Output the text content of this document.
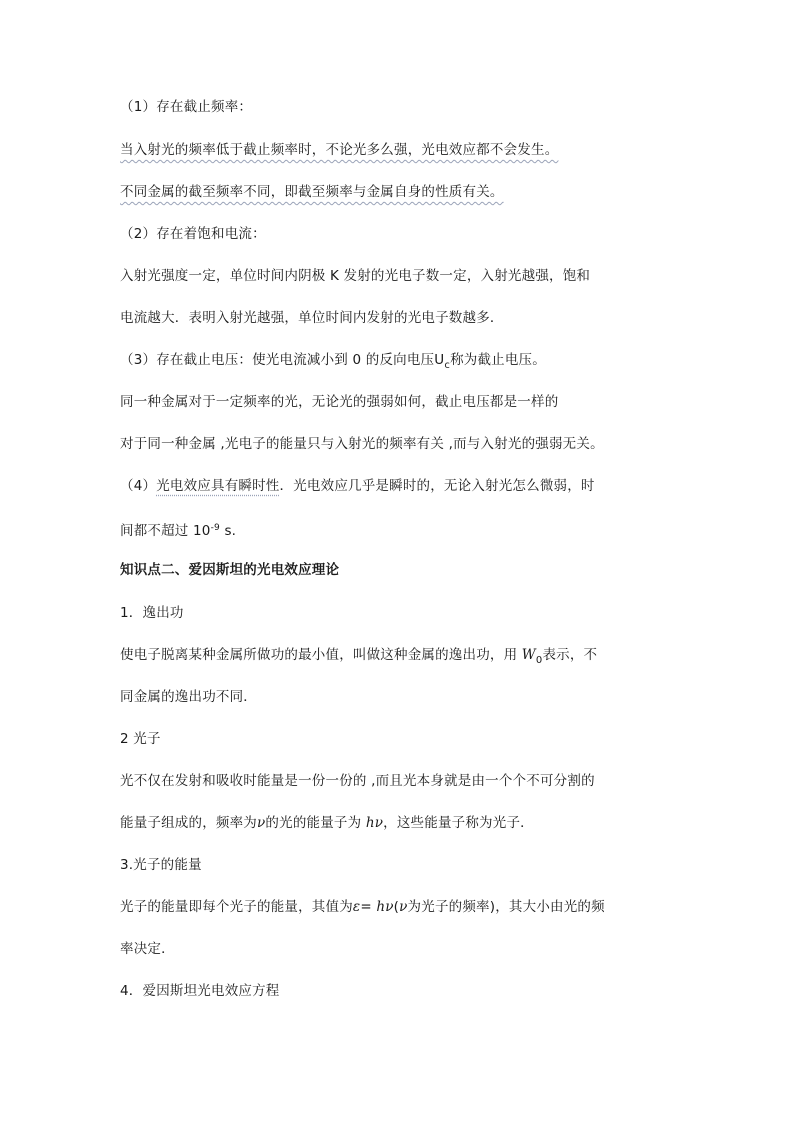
（1）存在截止频率：
当入射光的频率低于截止频率时，不论光多么强，光电效应都不会发生。
不同金属的截至频率不同，即截至频率与金属自身的性质有关。
（2）存在着饱和电流：
入射光强度一定，单位时间内阴极 K 发射的光电子数一定，入射光越强，饱和
电流越大．表明入射光越强，单位时间内发射的光电子数越多．
（3）存在截止电压：使光电流减小到 0 的反向电压$U_c$称为截止电压。
同一种金属对于一定频率的光，无论光的强弱如何，截止电压都是一样的
对于同一种金属 ,光电子的能量只与入射光的频率有关 ,而与入射光的强弱无关。
（4）光电效应具有瞬时性．光电效应几乎是瞬时的，无论入射光怎么微弱，时
间都不超过 $10^{-9}$ s.
知识点二、爱因斯坦的光电效应理论
1．逸出功
使电子脱离某种金属所做功的最小值，叫做这种金属的逸出功，用 $W_0$表示，不
同金属的逸出功不同．
2 光子
光不仅在发射和吸收时能量是一份一份的 ,而且光本身就是由一个个不可分割的
能量子组成的，频率为ν的光的能量子为 hν，这些能量子称为光子．
3.光子的能量
光子的能量即每个光子的能量，其值为ε= hν(ν为光子的频率)，其大小由光的频
率决定．
4．爱因斯坦光电效应方程
